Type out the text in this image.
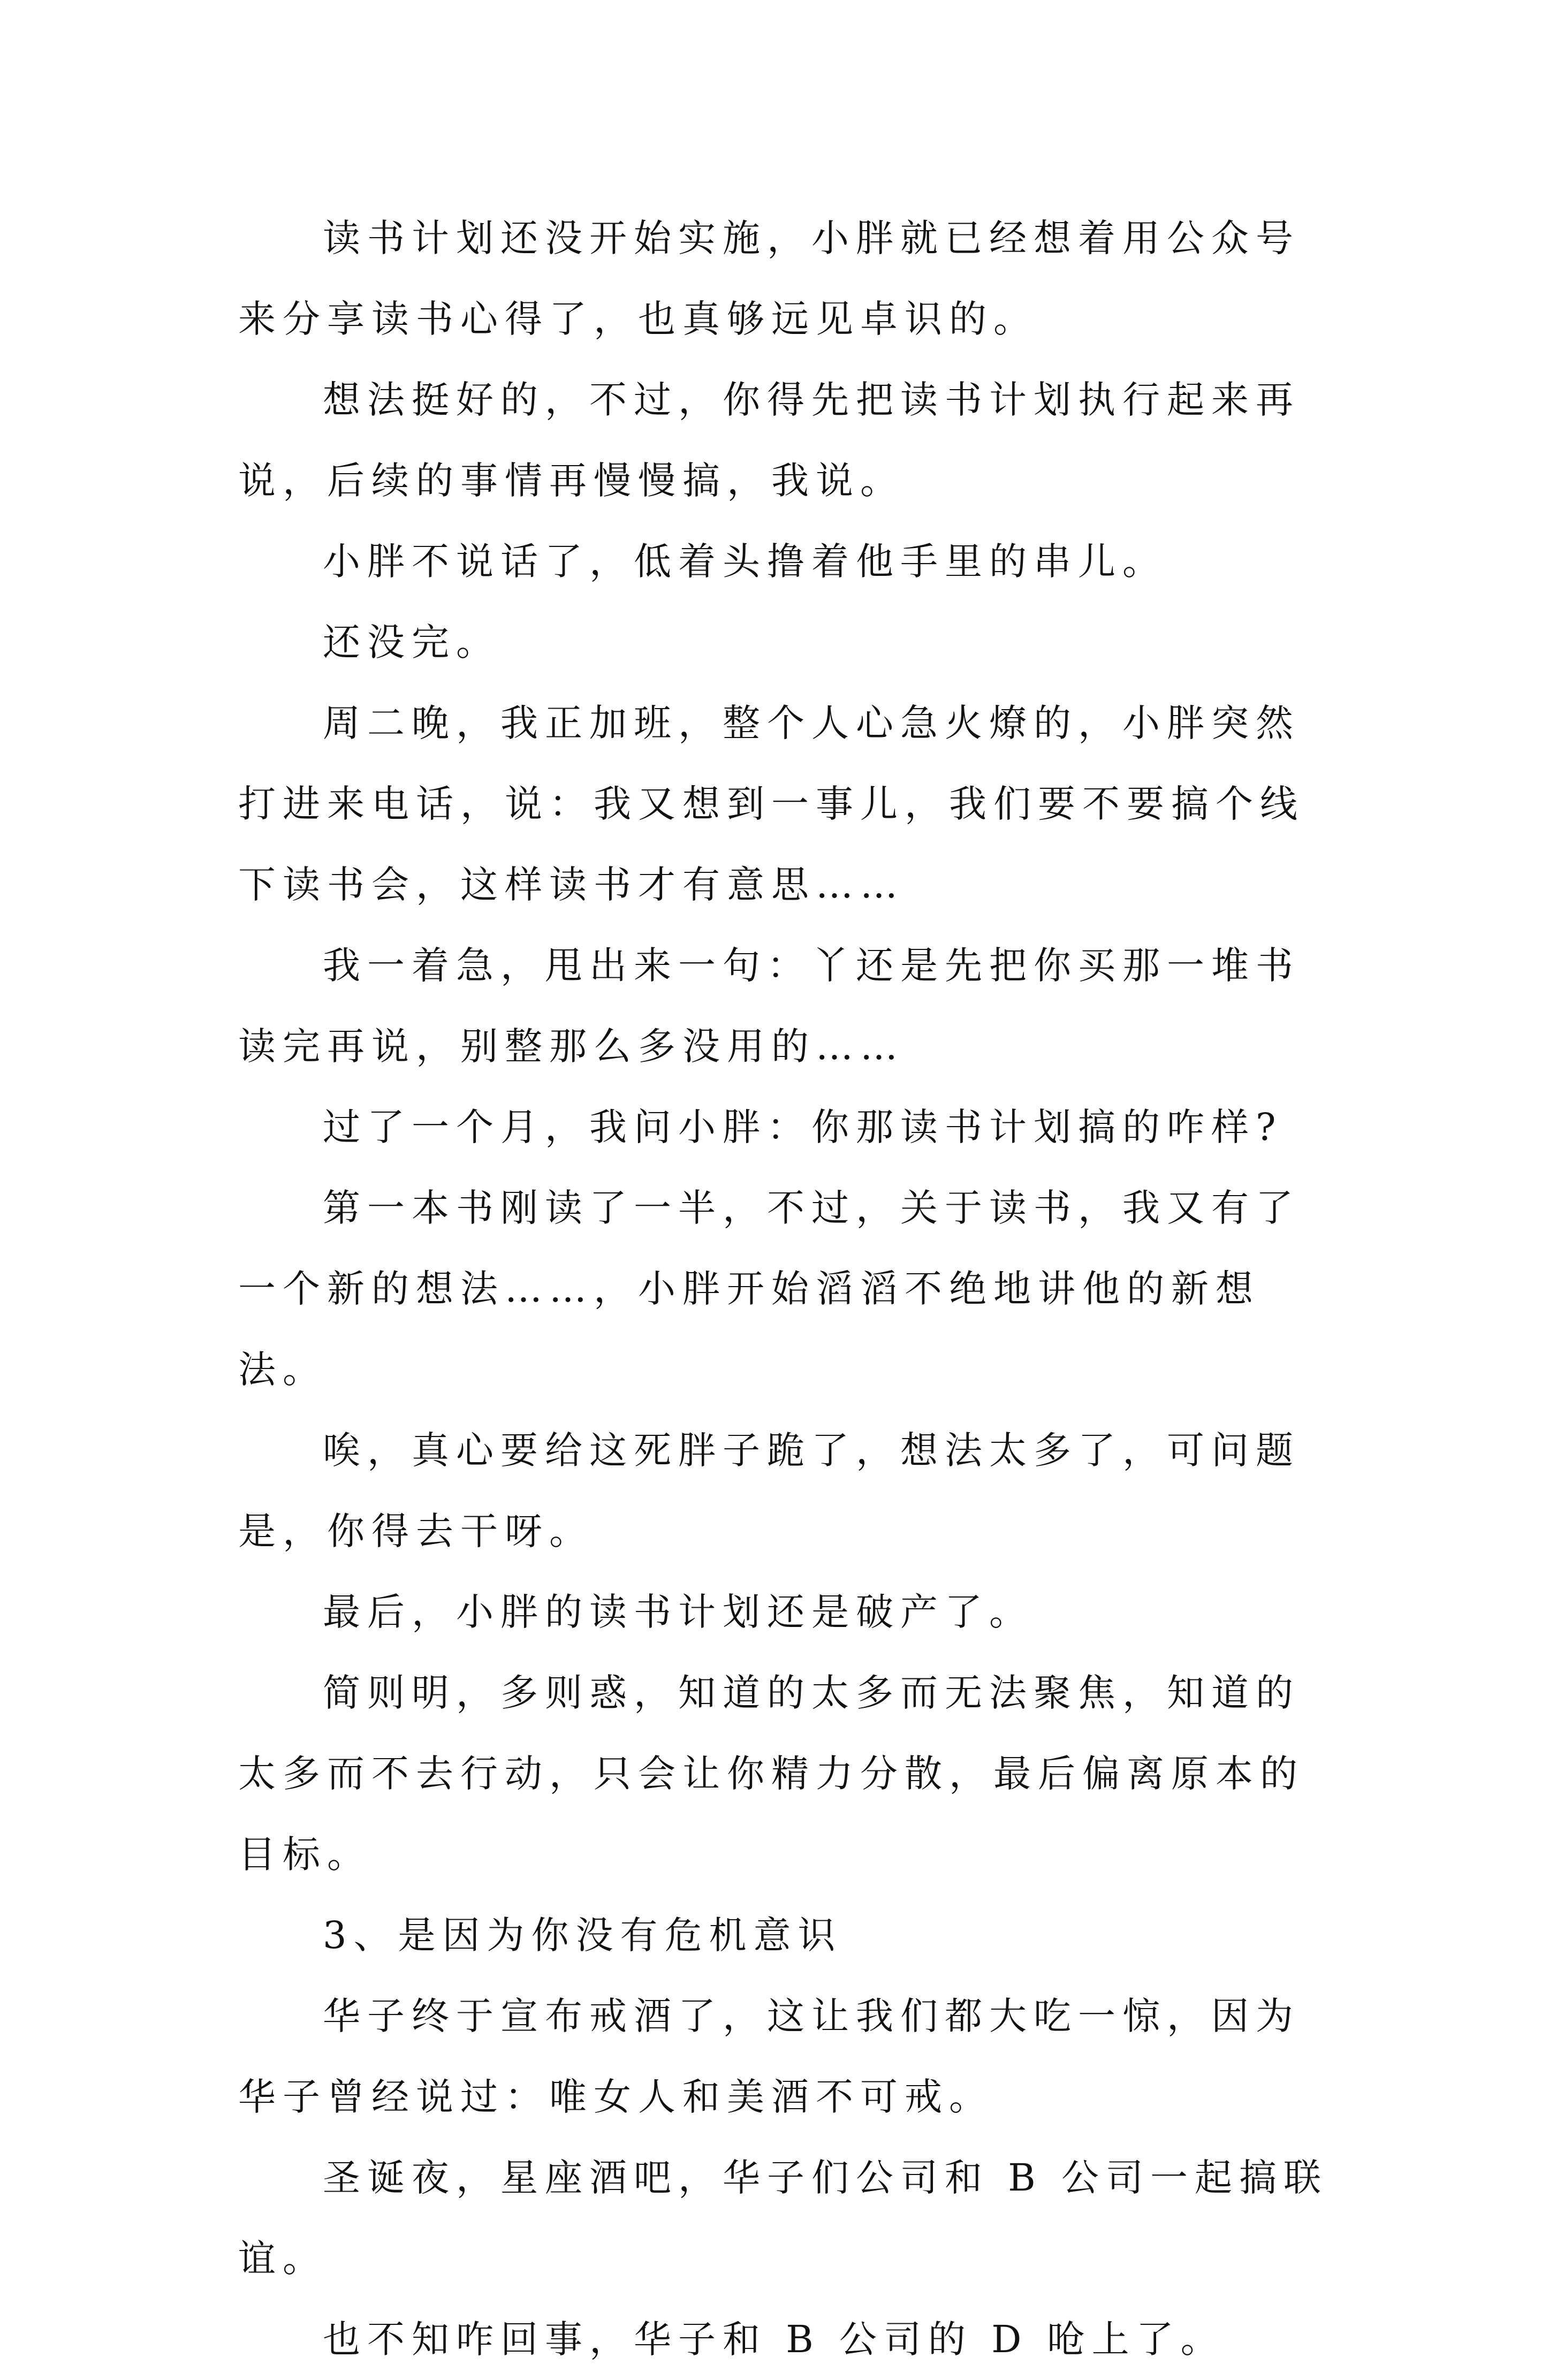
读书计划还没开始实施，小胖就已经想着用公众号来分享读书心得了，也真够远见卓识的。

想法挺好的，不过，你得先把读书计划执行起来再说，后续的事情再慢慢搞，我说。

小胖不说话了，低着头撸着他手里的串儿。

还没完。

周二晚，我正加班，整个人心急火燎的，小胖突然打进来电话，说：我又想到一事儿，我们要不要搞个线下读书会，这样读书才有意思……

我一着急，甩出来一句：丫还是先把你买那一堆书读完再说，别整那么多没用的……

过了一个月，我问小胖：你那读书计划搞的咋样?

第一本书刚读了一半，不过，关于读书，我又有了一个新的想法……，小胖开始滔滔不绝地讲他的新想法。

唉，真心要给这死胖子跪了，想法太多了，可问题是，你得去干呀。

最后，小胖的读书计划还是破产了。

简则明，多则惑，知道的太多而无法聚焦，知道的太多而不去行动，只会让你精力分散，最后偏离原本的目标。

3、是因为你没有危机意识

华子终于宣布戒酒了，这让我们都大吃一惊，因为华子曾经说过：唯女人和美酒不可戒。

圣诞夜，星座酒吧，华子们公司和 B 公司一起搞联谊。

也不知咋回事，华子和 B 公司的 D 呛上了。
